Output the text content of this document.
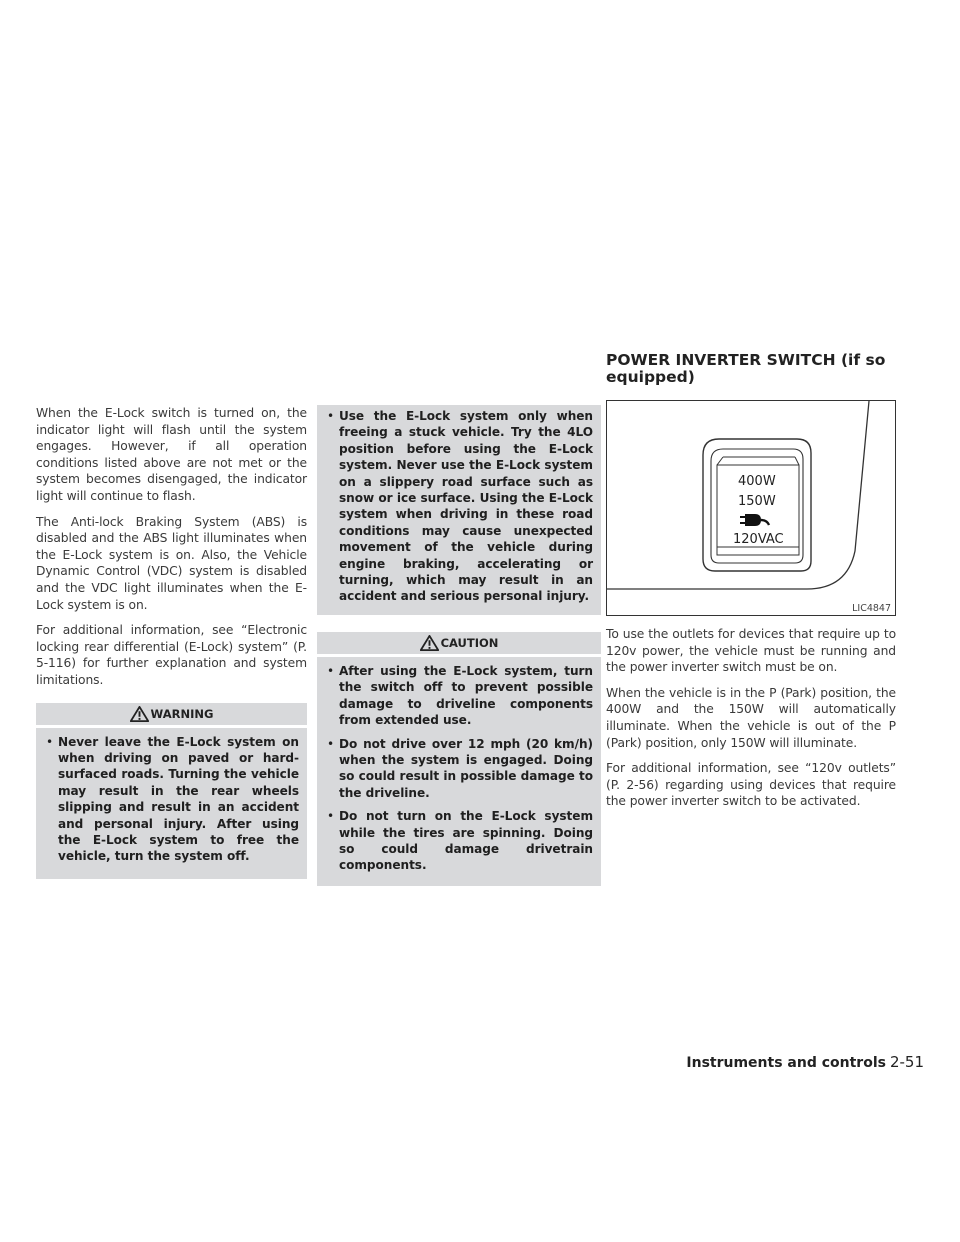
When the E-Lock switch is turned on, the indicator light will flash until the system engages. However, if all operation conditions listed above are not met or the system becomes disengaged, the indicator light will continue to flash.

The Anti-lock Braking System (ABS) is disabled and the ABS light illuminates when the E-Lock system is on. Also, the Vehicle Dynamic Control (VDC) system is disabled and the VDC light illuminates when the E-Lock system is on.

For additional information, see “Electronic locking rear differential (E-Lock) system” (P. 5-116) for further explanation and system limitations.

WARNING
• Never leave the E-Lock system on when driving on paved or hard-surfaced roads. Turning the vehicle may result in the rear wheels slipping and result in an accident and personal injury. After using the E-Lock system to free the vehicle, turn the system off.
• Use the E-Lock system only when freeing a stuck vehicle. Try the 4LO position before using the E-Lock system. Never use the E-Lock system on a slippery road surface such as snow or ice surface. Using the E-Lock system when driving in these road conditions may cause unexpected movement of the vehicle during engine braking, accelerating or turning, which may result in an accident and serious personal injury.
CAUTION
• After using the E-Lock system, turn the switch off to prevent possible damage to driveline components from extended use.
• Do not drive over 12 mph (20 km/h) when the system is engaged. Doing so could result in possible damage to the driveline.
• Do not turn on the E-Lock system while the tires are spinning. Doing so could damage drivetrain components.
POWER INVERTER SWITCH (if so equipped)
400W
150W
120VAC
LIC4847

To use the outlets for devices that require up to 120v power, the vehicle must be running and the power inverter switch must be on.

When the vehicle is in the P (Park) position, the 400W and the 150W will automatically illuminate. When the vehicle is out of the P (Park) position, only 150W will illuminate.

For additional information, see “120v outlets” (P. 2-56) regarding using devices that require the power inverter switch to be activated.

Instruments and controls 2-51
